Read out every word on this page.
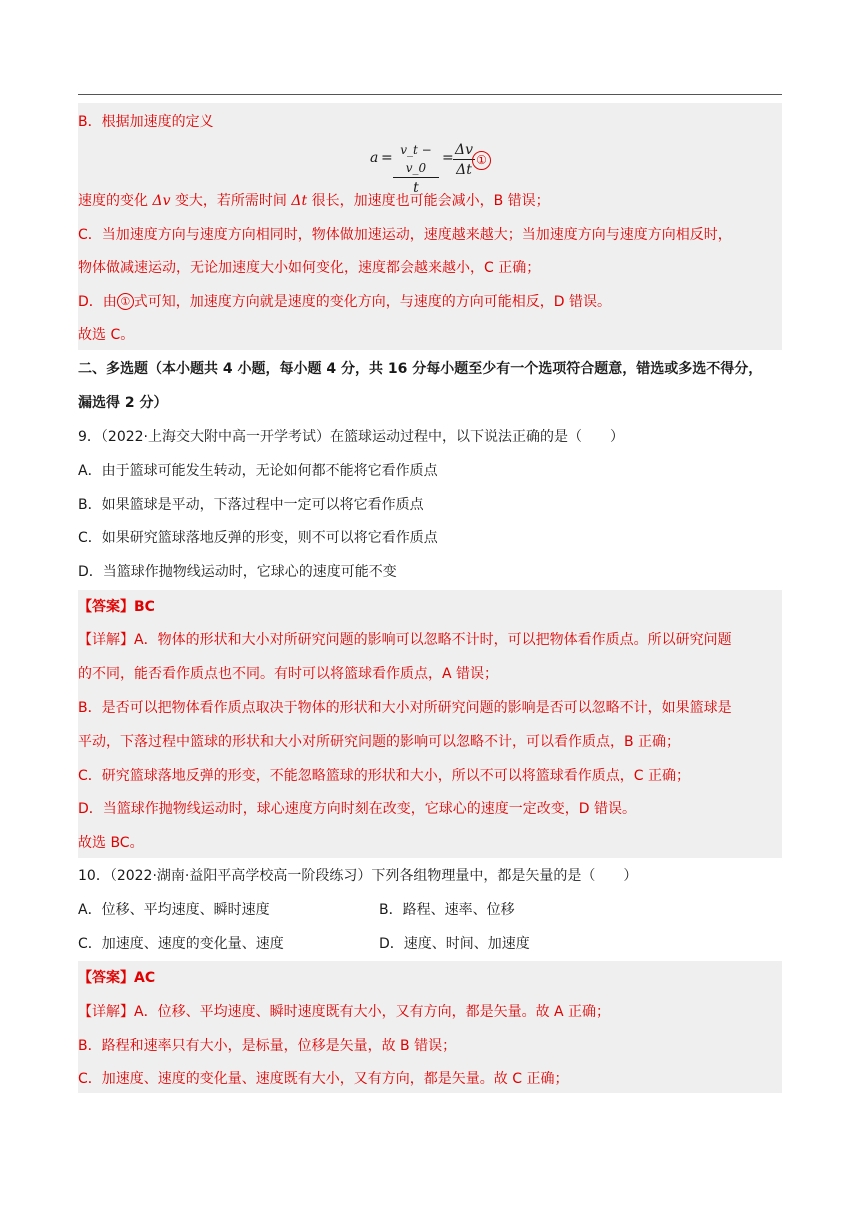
B．根据加速度的定义
$a = \frac{v\_t - v\_0}{t} = \frac{\Delta v}{\Delta t}$ ①
速度的变化 Δv 变大，若所需时间 Δt 很长，加速度也可能会减小，B 错误；
C．当加速度方向与速度方向相同时，物体做加速运动，速度越来越大；当加速度方向与速度方向相反时，
物体做减速运动，无论加速度大小如何变化，速度都会越来越小，C 正确；
D．由 ① 式可知，加速度方向就是速度的变化方向，与速度的方向可能相反，D 错误。
故选 C。
二、多选题（本小题共 4 小题，每小题 4 分，共 16 分每小题至少有一个选项符合题意，错选或多选不得分，
漏选得 2 分）
9．（2022·上海交大附中高一开学考试）在篮球运动过程中，以下说法正确的是（　　）
A．由于篮球可能发生转动，无论如何都不能将它看作质点
B．如果篮球是平动，下落过程中一定可以将它看作质点
C．如果研究篮球落地反弹的形变，则不可以将它看作质点
D．当篮球作抛物线运动时，它球心的速度可能不变
【答案】BC
【详解】A．物体的形状和大小对所研究问题的影响可以忽略不计时，可以把物体看作质点。所以研究问题
的不同，能否看作质点也不同。有时可以将篮球看作质点，A 错误；
B．是否可以把物体看作质点取决于物体的形状和大小对所研究问题的影响是否可以忽略不计，如果篮球是
平动，下落过程中篮球的形状和大小对所研究问题的影响可以忽略不计，可以看作质点，B 正确；
C．研究篮球落地反弹的形变，不能忽略篮球的形状和大小，所以不可以将篮球看作质点，C 正确；
D．当篮球作抛物线运动时，球心速度方向时刻在改变，它球心的速度一定改变，D 错误。
故选 BC。
10．（2022·湖南·益阳平高学校高一阶段练习）下列各组物理量中，都是矢量的是（　　）
A．位移、平均速度、瞬时速度	B．路程、速率、位移
C．加速度、速度的变化量、速度	D．速度、时间、加速度
【答案】AC
【详解】A．位移、平均速度、瞬时速度既有大小，又有方向，都是矢量。故 A 正确；
B．路程和速率只有大小，是标量，位移是矢量，故 B 错误；
C．加速度、速度的变化量、速度既有大小，又有方向，都是矢量。故 C 正确；
